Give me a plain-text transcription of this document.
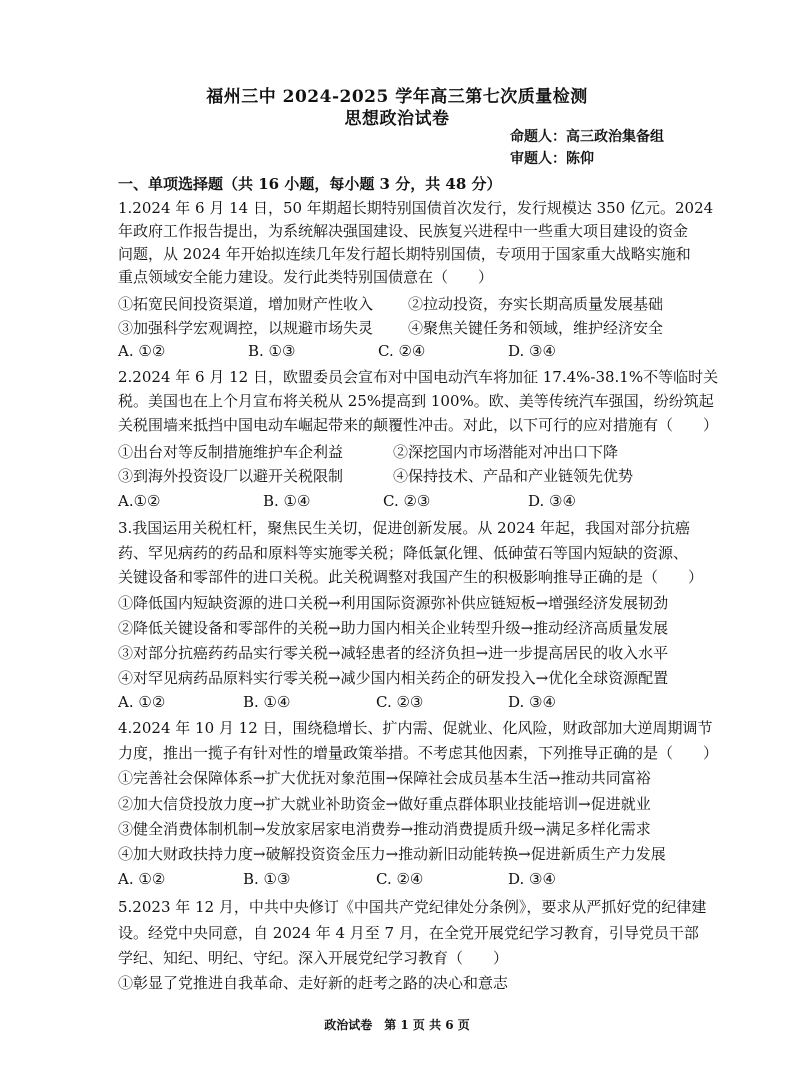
福州三中 2024-2025 学年高三第七次质量检测
思想政治试卷
命题人：高三政治集备组
审题人：陈仰
一、单项选择题（共 16 小题，每小题 3 分，共 48 分）
1.2024 年 6 月 14 日，50 年期超长期特别国债首次发行，发行规模达 350 亿元。2024
年政府工作报告提出，为系统解决强国建设、民族复兴进程中一些重大项目建设的资金
问题，从 2024 年开始拟连续几年发行超长期特别国债，专项用于国家重大战略实施和
重点领域安全能力建设。发行此类特别国债意在（　　）
①拓宽民间投资渠道，增加财产性收入 ②拉动投资，夯实长期高质量发展基础
③加强科学宏观调控，以规避市场失灵 ④聚焦关键任务和领域，维护经济安全
A. ①②	B. ①③	C. ②④	D. ③④
2.2024 年 6 月 12 日，欧盟委员会宣布对中国电动汽车将加征 17.4%-38.1%不等临时关
税。美国也在上个月宣布将关税从 25%提高到 100%。欧、美等传统汽车强国，纷纷筑起
关税围墙来抵挡中国电动车崛起带来的颠覆性冲击。对此，以下可行的应对措施有（　　）
①出台对等反制措施维护车企利益	②深挖国内市场潜能对冲出口下降
③到海外投资设厂以避开关税限制	④保持技术、产品和产业链领先优势
A.①②	B. ①④	C. ②③	D. ③④
3.我国运用关税杠杆，聚焦民生关切，促进创新发展。从 2024 年起，我国对部分抗癌
药、罕见病药的药品和原料等实施零关税；降低氯化锂、低砷萤石等国内短缺的资源、
关键设备和零部件的进口关税。此关税调整对我国产生的积极影响推导正确的是（　　）
①降低国内短缺资源的进口关税→利用国际资源弥补供应链短板→增强经济发展韧劲
②降低关键设备和零部件的关税→助力国内相关企业转型升级→推动经济高质量发展
③对部分抗癌药药品实行零关税→减轻患者的经济负担→进一步提高居民的收入水平
④对罕见病药品原料实行零关税→减少国内相关药企的研发投入→优化全球资源配置
A. ①②	B. ①④	C. ②③	D. ③④
4.2024 年 10 月 12 日，围绕稳增长、扩内需、促就业、化风险，财政部加大逆周期调节
力度，推出一揽子有针对性的增量政策举措。不考虑其他因素，下列推导正确的是（　　）
①完善社会保障体系→扩大优抚对象范围→保障社会成员基本生活→推动共同富裕
②加大信贷投放力度→扩大就业补助资金→做好重点群体职业技能培训→促进就业
③健全消费体制机制→发放家居家电消费券→推动消费提质升级→满足多样化需求
④加大财政扶持力度→破解投资资金压力→推动新旧动能转换→促进新质生产力发展
A. ①②	B. ①③	C. ②④	D. ③④
5.2023 年 12 月，中共中央修订《中国共产党纪律处分条例》，要求从严抓好党的纪律建
设。经党中央同意，自 2024 年 4 月至 7 月，在全党开展党纪学习教育，引导党员干部
学纪、知纪、明纪、守纪。深入开展党纪学习教育（　　）
①彰显了党推进自我革命、走好新的赶考之路的决心和意志
政治试卷　第 1 页 共 6 页
